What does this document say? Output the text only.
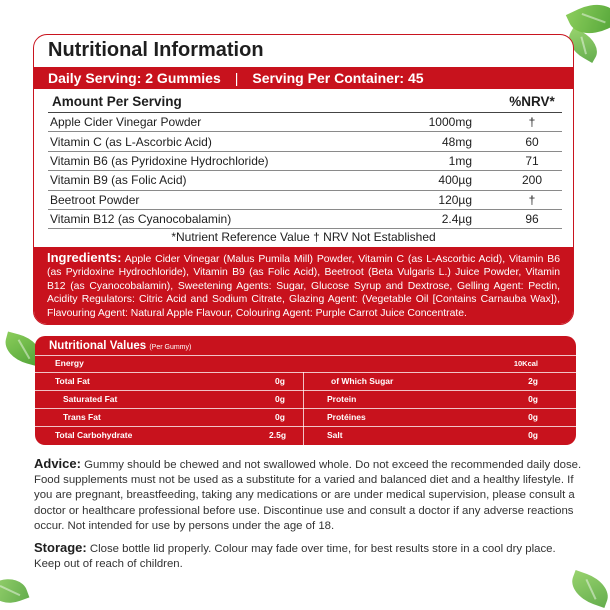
Nutritional Information
Daily Serving: 2 Gummies | Serving Per Container: 45
Amount Per Serving	%NRV*
Apple Cider Vinegar Powder	1000mg	†
Vitamin C (as L-Ascorbic Acid)	48mg	60
Vitamin B6 (as Pyridoxine Hydrochloride)	1mg	71
Vitamin B9 (as Folic Acid)	400µg	200
Beetroot Powder	120µg	†
Vitamin B12 (as Cyanocobalamin)	2.4µg	96
*Nutrient Reference Value † NRV Not Established
Ingredients: Apple Cider Vinegar (Malus Pumila Mill) Powder, Vitamin C (as L-Ascorbic Acid), Vitamin B6 (as Pyridoxine Hydrochloride), Vitamin B9 (as Folic Acid), Beetroot (Beta Vulgaris L.) Juice Powder, Vitamin B12 (as Cyanocobalamin), Sweetening Agents: Sugar, Glucose Syrup and Dextrose, Gelling Agent: Pectin, Acidity Regulators: Citric Acid and Sodium Citrate, Glazing Agent: (Vegetable Oil [Contains Carnauba Wax]), Flavouring Agent: Natural Apple Flavour, Colouring Agent: Purple Carrot Juice Concentrate.
Nutritional Values (Per Gummy)
Energy	10Kcal
Total Fat	0g
Saturated Fat	0g
Trans Fat	0g
Total Carbohydrate	2.5g
of Which Sugar	2g
Protein	0g
Protéines	0g
Salt	0g
Advice: Gummy should be chewed and not swallowed whole. Do not exceed the recommended daily dose. Food supplements must not be used as a substitute for a varied and balanced diet and a healthy lifestyle. If you are pregnant, breastfeeding, taking any medications or are under medical supervision, please consult a doctor or healthcare professional before use. Discontinue use and consult a doctor if any adverse reactions occur. Not intended for use by persons under the age of 18.
Storage: Close bottle lid properly. Colour may fade over time, for best results store in a cool dry place. Keep out of reach of children.
